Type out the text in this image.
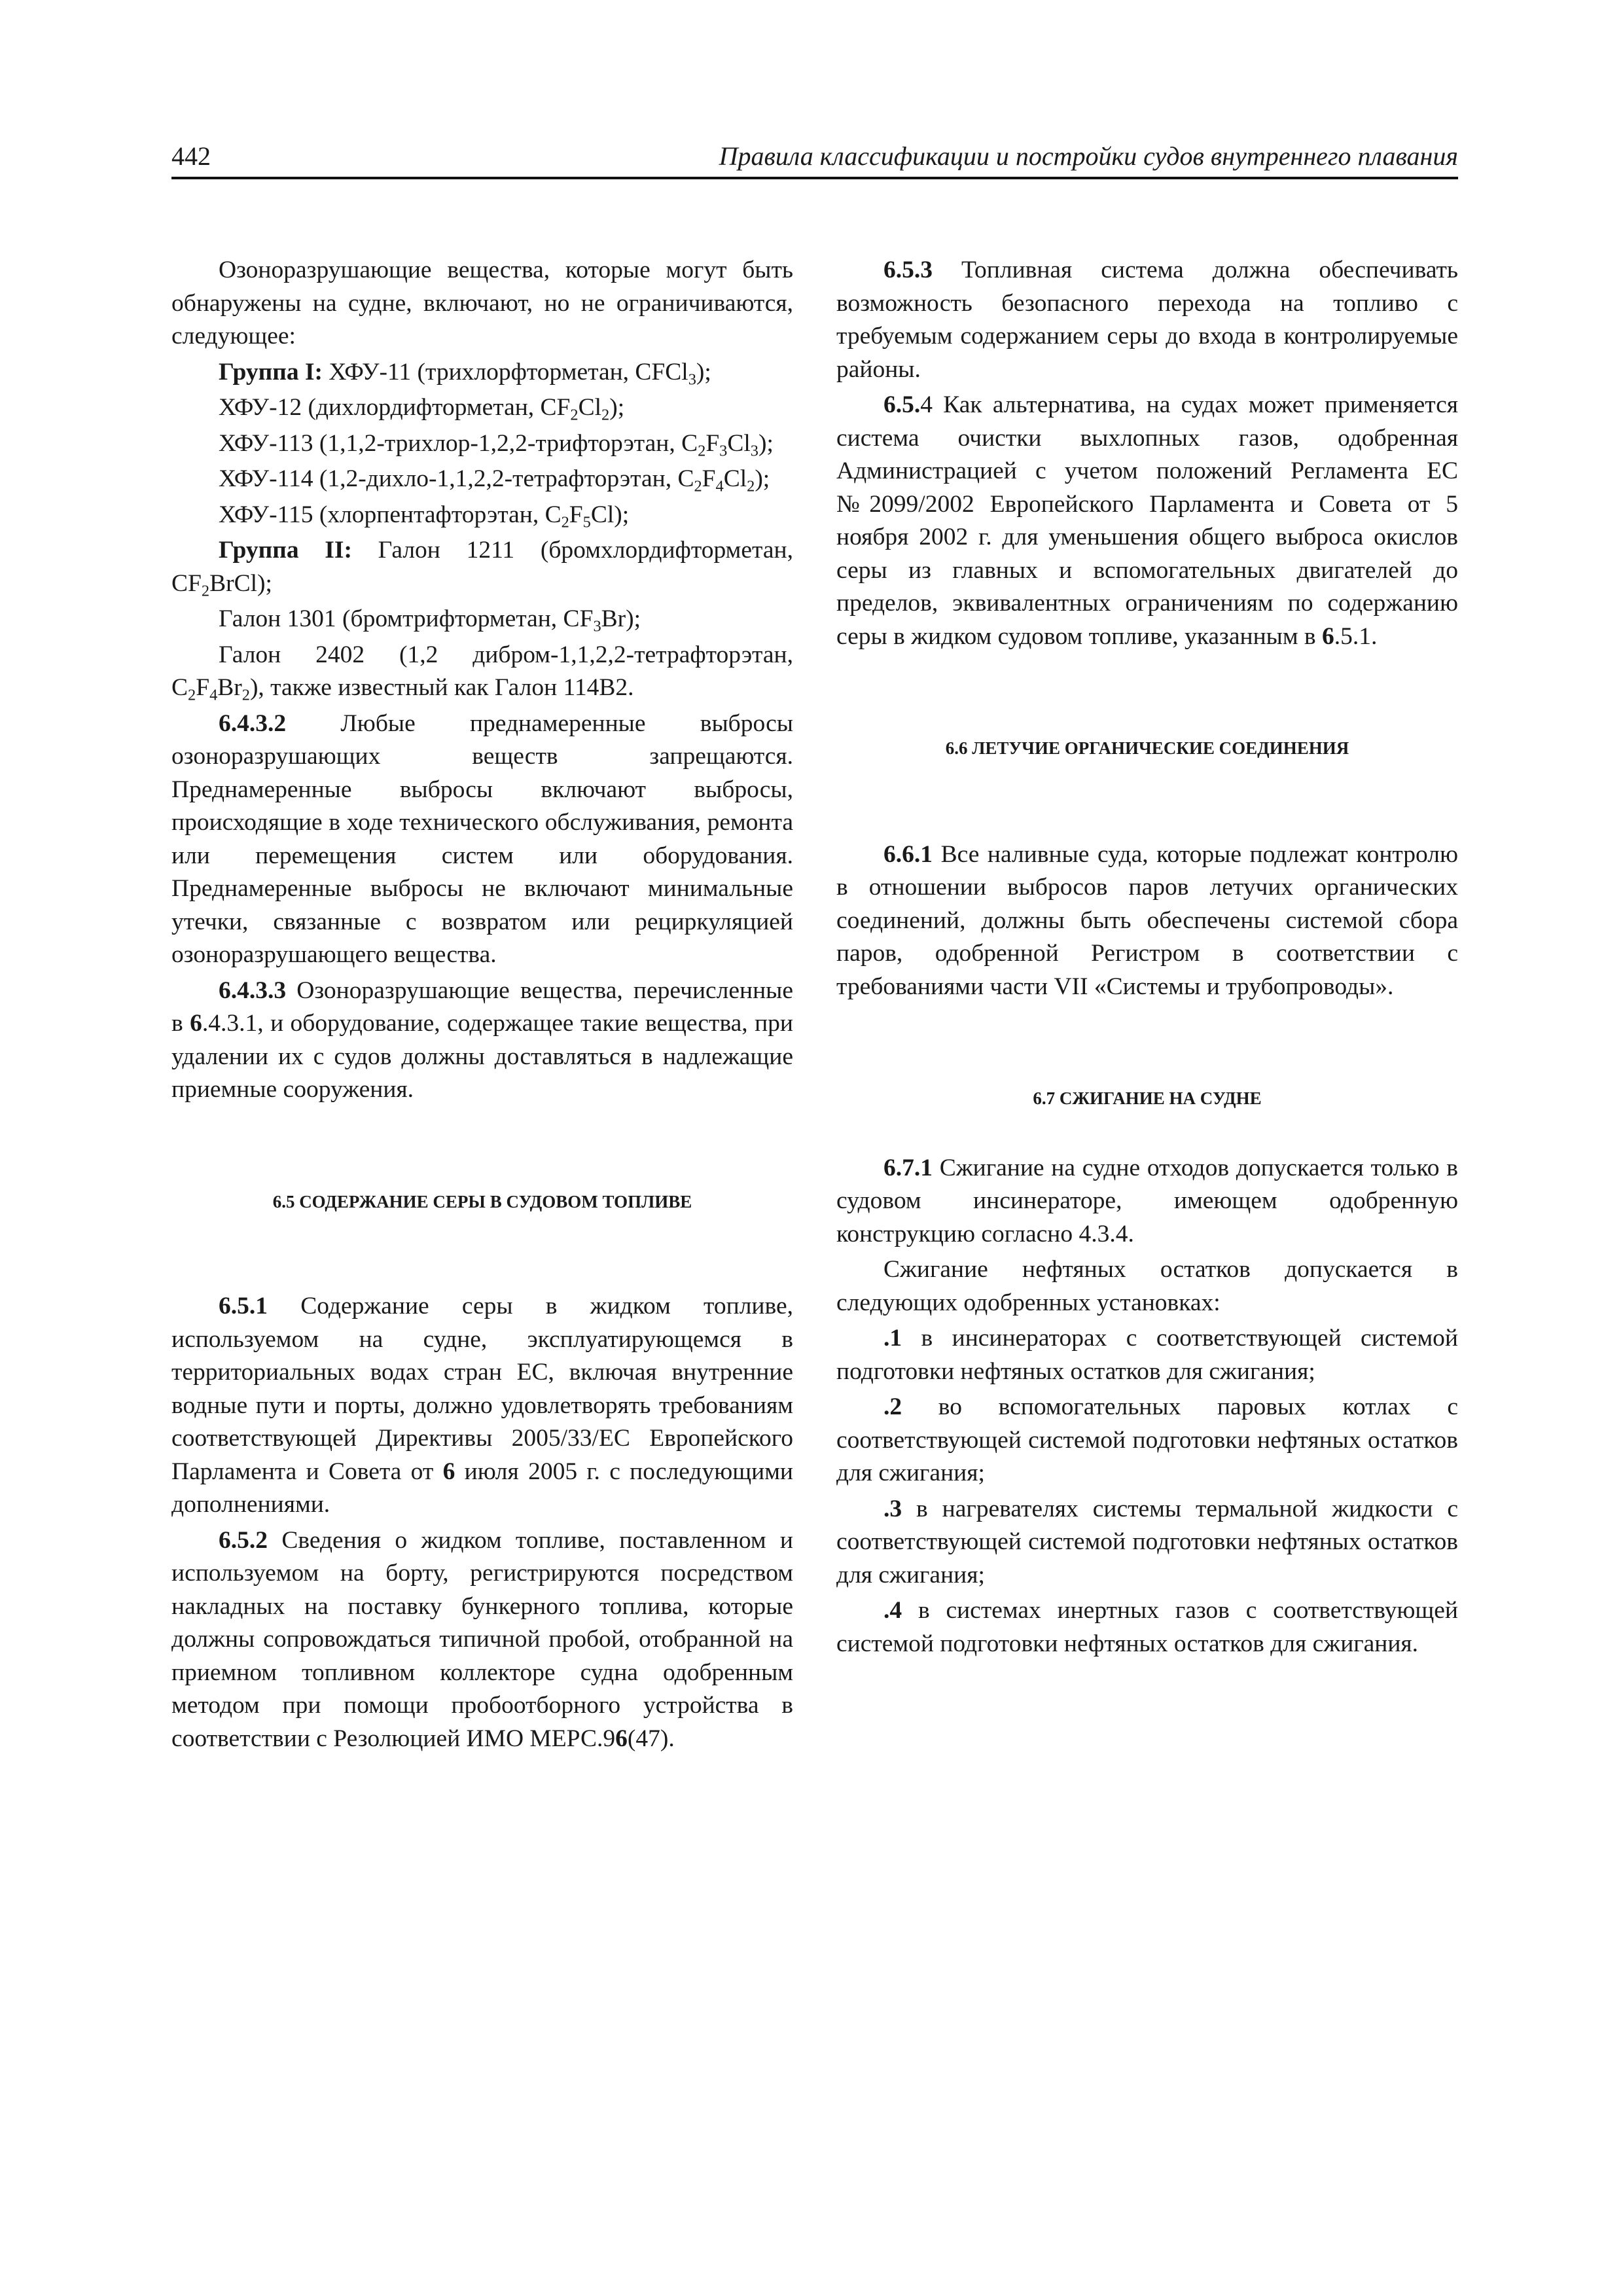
442	Правила классификации и постройки судов внутреннего плавания

Озоноразрушающие вещества, которые могут быть обнаружены на судне, включают, но не ограничиваются, следующее:

Группа I: ХФУ-11 (трихлорфторметан, CFCl$_3$);

ХФУ-12 (дихлордифторметан, $CF_2Cl_2$);

ХФУ-113 (1,1,2-трихлор-1,2,2-трифторэтан, $C_2F_3Cl_3$);

ХФУ-114 (1,2-дихло-1,1,2,2-тетрафторэтан, $C_2F_4Cl_2$);

ХФУ-115 (хлорпентафторэтан, $C_2F_5Cl$);

Группа II: Галон 1211 (бромхлордифторметан, $CF_2BrCl$);

Галон 1301 (бромтрифторметан, $CF_3Br$);

Галон 2402 (1,2 дибром-1,1,2,2-тетрафторэтан, $C_2F_4Br_2$), также известный как Галон 114B2.

6.4.3.2 Любые преднамеренные выбросы озоноразрушающих веществ запрещаются. Преднамеренные выбросы включают выбросы, происходящие в ходе технического обслуживания, ремонта или перемещения систем или оборудования. Преднамеренные выбросы не включают минимальные утечки, связанные с возвратом или рециркуляцией озоноразрушающего вещества.

6.4.3.3 Озоноразрушающие вещества, перечисленные в 6.4.3.1, и оборудование, содержащее такие вещества, при удалении их с судов должны доставляться в надлежащие приемные сооружения.

6.5 СОДЕРЖАНИЕ СЕРЫ В СУДОВОМ ТОПЛИВЕ

6.5.1 Содержание серы в жидком топливе, используемом на судне, эксплуатирующемся в территориальных водах стран ЕС, включая внутренние водные пути и порты, должно удовлетворять требованиям соответствующей Директивы 2005/33/ЕС Европейского Парламента и Совета от 6 июля 2005 г. с последующими дополнениями.

6.5.2 Сведения о жидком топливе, поставленном и используемом на борту, регистрируются посредством накладных на поставку бункерного топлива, которые должны сопровождаться типичной пробой, отобранной на приемном топливном коллекторе судна одобренным методом при помощи пробоотборного устройства в соответствии с Резолюцией ИМО МЕРС.96(47).

6.5.3 Топливная система должна обеспечивать возможность безопасного перехода на топливо с требуемым содержанием серы до входа в контролируемые районы.

6.5.4 Как альтернатива, на судах может применяется система очистки выхлопных газов, одобренная Администрацией с учетом положений Регламента ЕС №2099/2002 Европейского Парламента и Совета от 5 ноября 2002 г. для уменьшения общего выброса окислов серы из главных и вспомогательных двигателей до пределов, эквивалентных ограничениям по содержанию серы в жидком судовом топливе, указанным в 6.5.1.

6.6 ЛЕТУЧИЕ ОРГАНИЧЕСКИЕ СОЕДИНЕНИЯ

6.6.1 Все наливные суда, которые подлежат контролю в отношении выбросов паров летучих органических соединений, должны быть обеспечены системой сбора паров, одобренной Регистром в соответствии с требованиями части VII «Системы и трубопроводы».

6.7 СЖИГАНИЕ НА СУДНЕ

6.7.1 Сжигание на судне отходов допускается только в судовом инсинераторе, имеющем одобренную конструкцию согласно 4.3.4.

Сжигание нефтяных остатков допускается в следующих одобренных установках:

.1 в инсинераторах с соответствующей системой подготовки нефтяных остатков для сжигания;

.2 во вспомогательных паровых котлах с соответствующей системой подготовки нефтяных остатков для сжигания;

.3 в нагревателях системы термальной жидкости с соответствующей системой подготовки нефтяных остатков для сжигания;

.4 в системах инертных газов с соответствующей системой подготовки нефтяных остатков для сжигания.
